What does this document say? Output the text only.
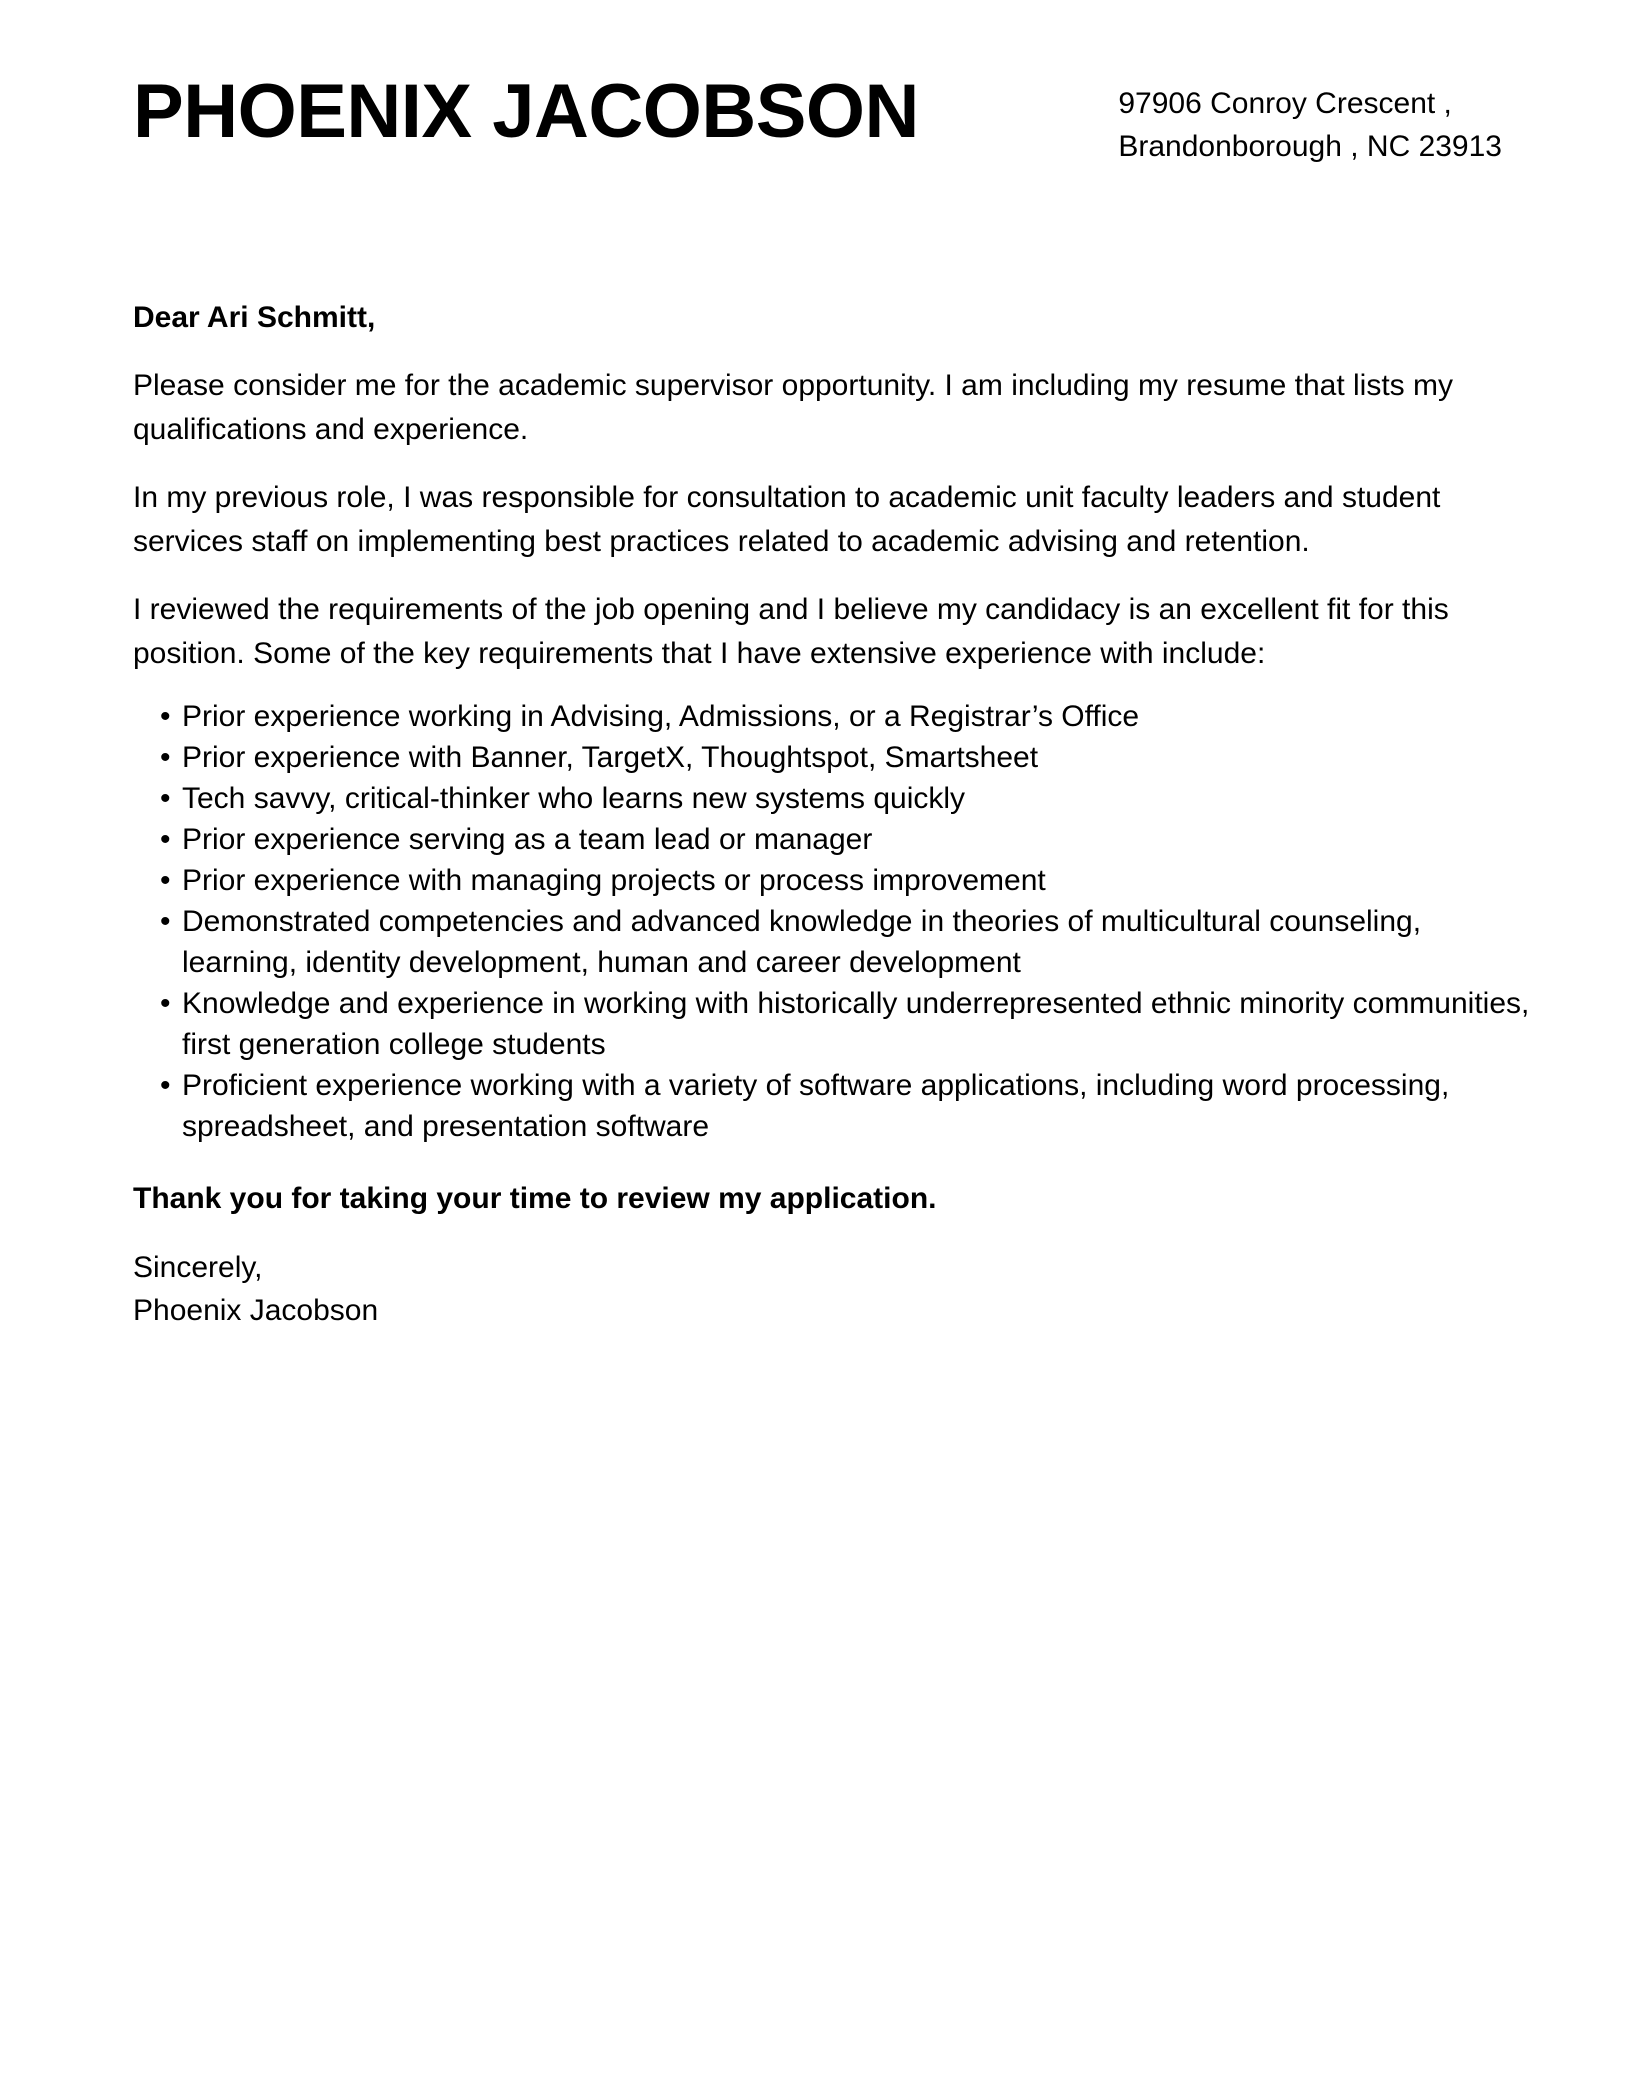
PHOENIX JACOBSON	97906 Conroy Crescent ,
Brandonborough , NC 23913

Dear Ari Schmitt,

Please consider me for the academic supervisor opportunity. I am including my resume that lists my qualifications and experience.

In my previous role, I was responsible for consultation to academic unit faculty leaders and student services staff on implementing best practices related to academic advising and retention.

I reviewed the requirements of the job opening and I believe my candidacy is an excellent fit for this position. Some of the key requirements that I have extensive experience with include:

• Prior experience working in Advising, Admissions, or a Registrar’s Office
• Prior experience with Banner, TargetX, Thoughtspot, Smartsheet
• Tech savvy, critical-thinker who learns new systems quickly
• Prior experience serving as a team lead or manager
• Prior experience with managing projects or process improvement
• Demonstrated competencies and advanced knowledge in theories of multicultural counseling, learning, identity development, human and career development
• Knowledge and experience in working with historically underrepresented ethnic minority communities, first generation college students
• Proficient experience working with a variety of software applications, including word processing, spreadsheet, and presentation software

Thank you for taking your time to review my application.

Sincerely,
Phoenix Jacobson
